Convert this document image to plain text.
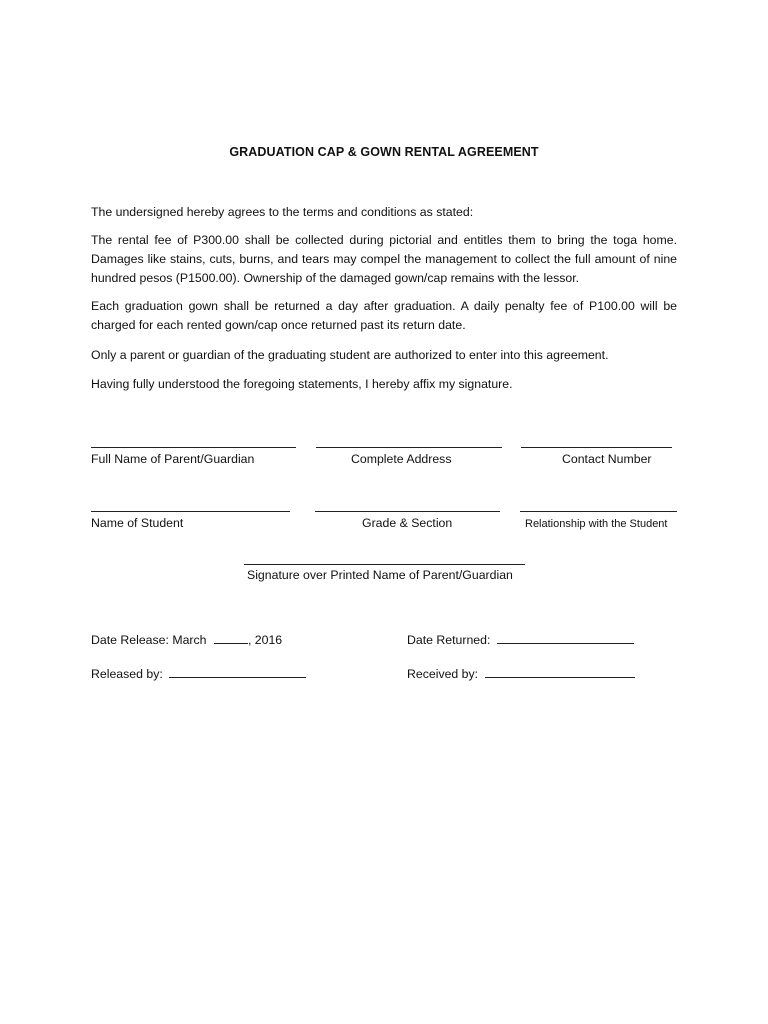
GRADUATION CAP & GOWN RENTAL AGREEMENT

The undersigned hereby agrees to the terms and conditions as stated:

The rental fee of P300.00 shall be collected during pictorial and entitles them to bring the toga home. Damages like stains, cuts, burns, and tears may compel the management to collect the full amount of nine hundred pesos (P1500.00). Ownership of the damaged gown/cap remains with the lessor.

Each graduation gown shall be returned a day after graduation. A daily penalty fee of P100.00 will be charged for each rented gown/cap once returned past its return date.

Only a parent or guardian of the graduating student are authorized to enter into this agreement.

Having fully understood the foregoing statements, I hereby affix my signature.

Full Name of Parent/Guardian	Complete Address	Contact Number
Name of Student	Grade & Section	Relationship with the Student
Signature over Printed Name of Parent/Guardian
Date Release: March	, 2016	Date Returned:
Released by:	Received by:
